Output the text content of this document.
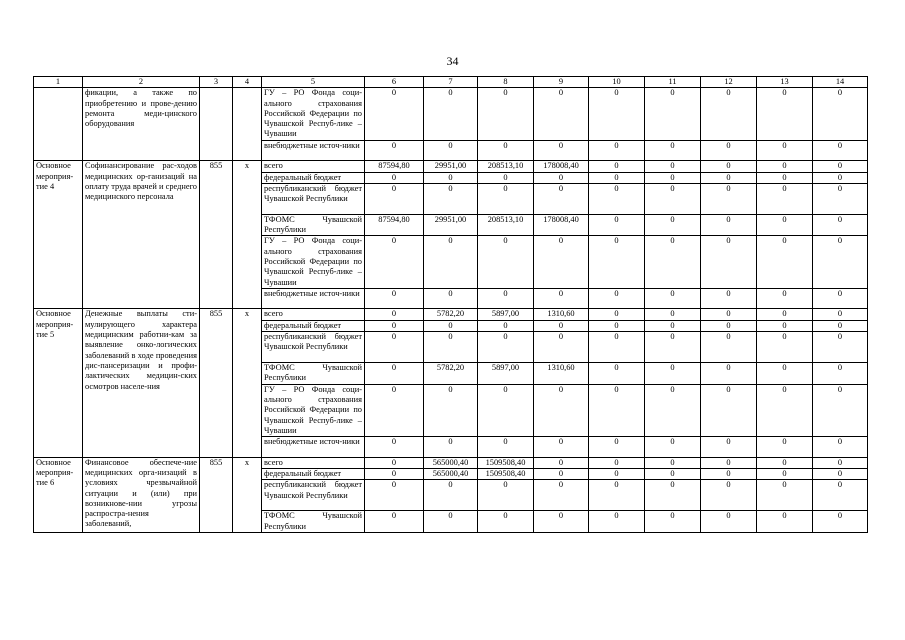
34
1	2	3	4	5	6	7	8	9	10	11	12	13	14
	фикации, а также по приобретению и прове-дению ремонта меди-цинского оборудования			ГУ – РО Фонда соци-ального страхования Российской Федерации по Чувашской Респуб-лике – Чувашии	0	0	0	0	0	0	0	0	0
				внебюджетные источ-ники	0	0	0	0	0	0	0	0	0
Основное мероприя-тие 4	Софинансирование рас-ходов медицинских ор-ганизаций на оплату труда врачей и среднего медицинского персонала	855	x	всего	87594,80	29951,00	208513,10	178008,40	0	0	0	0	0
				федеральный бюджет	0	0	0	0	0	0	0	0	0
				республиканский бюджет Чувашской Республики	0	0	0	0	0	0	0	0	0
				ТФОМС Чувашской Республики	87594,80	29951,00	208513,10	178008,40	0	0	0	0	0
				ГУ – РО Фонда соци-ального страхования Российской Федерации по Чувашской Респуб-лике – Чувашии	0	0	0	0	0	0	0	0	0
				внебюджетные источ-ники	0	0	0	0	0	0	0	0	0
Основное мероприя-тие 5	Денежные выплаты сти-мулирующего характера медицинским работни-кам за выявление онко-логических заболеваний в ходе проведения дис-пансеризации и профи-лактических медицин-ских осмотров населе-ния	855	x	всего	0	5782,20	5897,00	1310,60	0	0	0	0	0
				федеральный бюджет	0	0	0	0	0	0	0	0	0
				республиканский бюджет Чувашской Республики	0	0	0	0	0	0	0	0	0
				ТФОМС Чувашской Республики	0	5782,20	5897,00	1310,60	0	0	0	0	0
				ГУ – РО Фонда соци-ального страхования Российской Федерации по Чувашской Респуб-лике – Чувашии	0	0	0	0	0	0	0	0	0
				внебюджетные источ-ники	0	0	0	0	0	0	0	0	0
Основное мероприя-тие 6	Финансовое обеспече-ние медицинских орга-низаций в условиях чрезвычайной ситуации и (или) при возникнове-нии угрозы распростра-нения заболеваний,	855	x	всего	0	565000,40	1509508,40	0	0	0	0	0	0
				федеральный бюджет	0	565000,40	1509508,40	0	0	0	0	0	0
				республиканский бюджет Чувашской Республики	0	0	0	0	0	0	0	0	0
				ТФОМС Чувашской Республики	0	0	0	0	0	0	0	0	0
